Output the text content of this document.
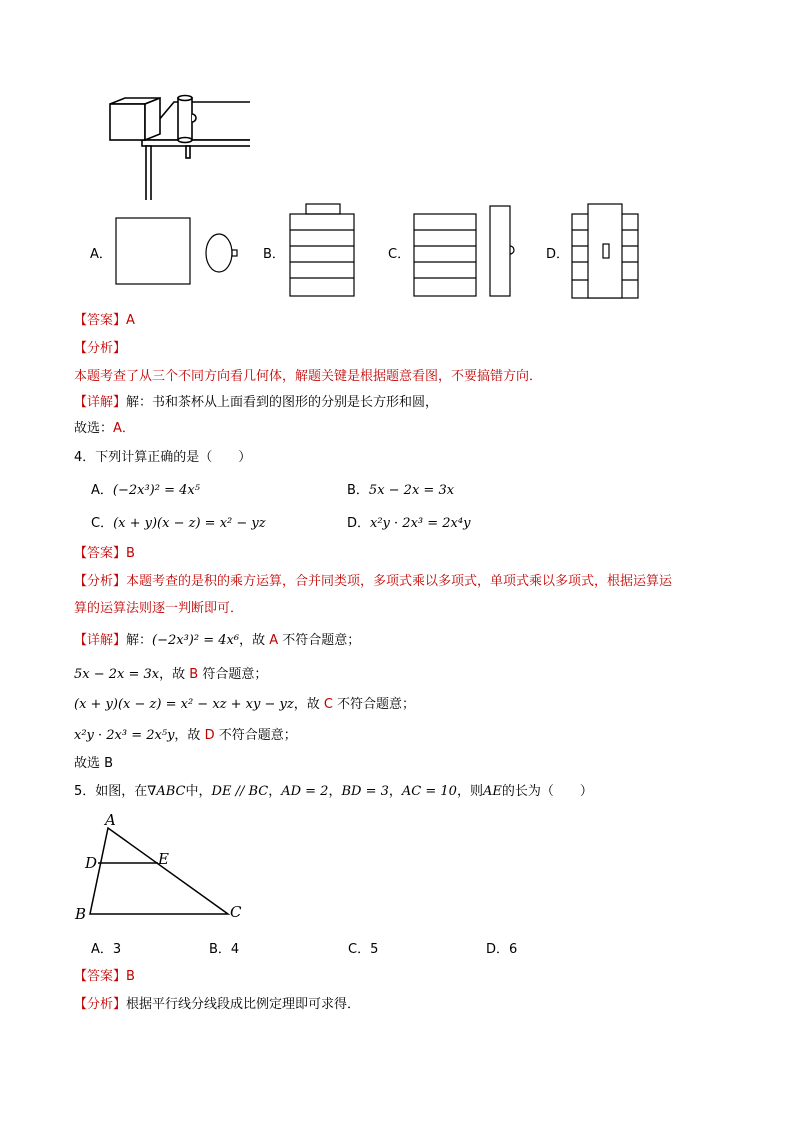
A．	B．	C．	D．
【答案】A
【分析】
本题考查了从三个不同方向看几何体，解题关键是根据题意看图，不要搞错方向．
【详解】解：书和茶杯从上面看到的图形的分别是长方形和圆，
故选：A．
4．下列计算正确的是（　　）
A．(−2x³)² = 4x⁵	B．5x − 2x = 3x
C．(x + y)(x − z) = x² − yz	D．x²y · 2x³ = 2x⁴y
【答案】B
【分析】本题考查的是积的乘方运算，合并同类项，多项式乘以多项式，单项式乘以多项式，根据运算运
算的运算法则逐一判断即可．
【详解】解：(−2x³)² = 4x⁶，故 A 不符合题意；
5x − 2x = 3x，故 B 符合题意；
(x + y)(x − z) = x² − xz + xy − yz，故 C 不符合题意；
x²y · 2x³ = 2x⁵y，故 D 不符合题意；
故选 B
5．如图，在∇ABC中，DE // BC，AD = 2，BD = 3，AC = 10，则AE的长为（　　）
A
D	E
B	C
A．3	B．4	C．5	D．6
【答案】B
【分析】根据平行线分线段成比例定理即可求得．
